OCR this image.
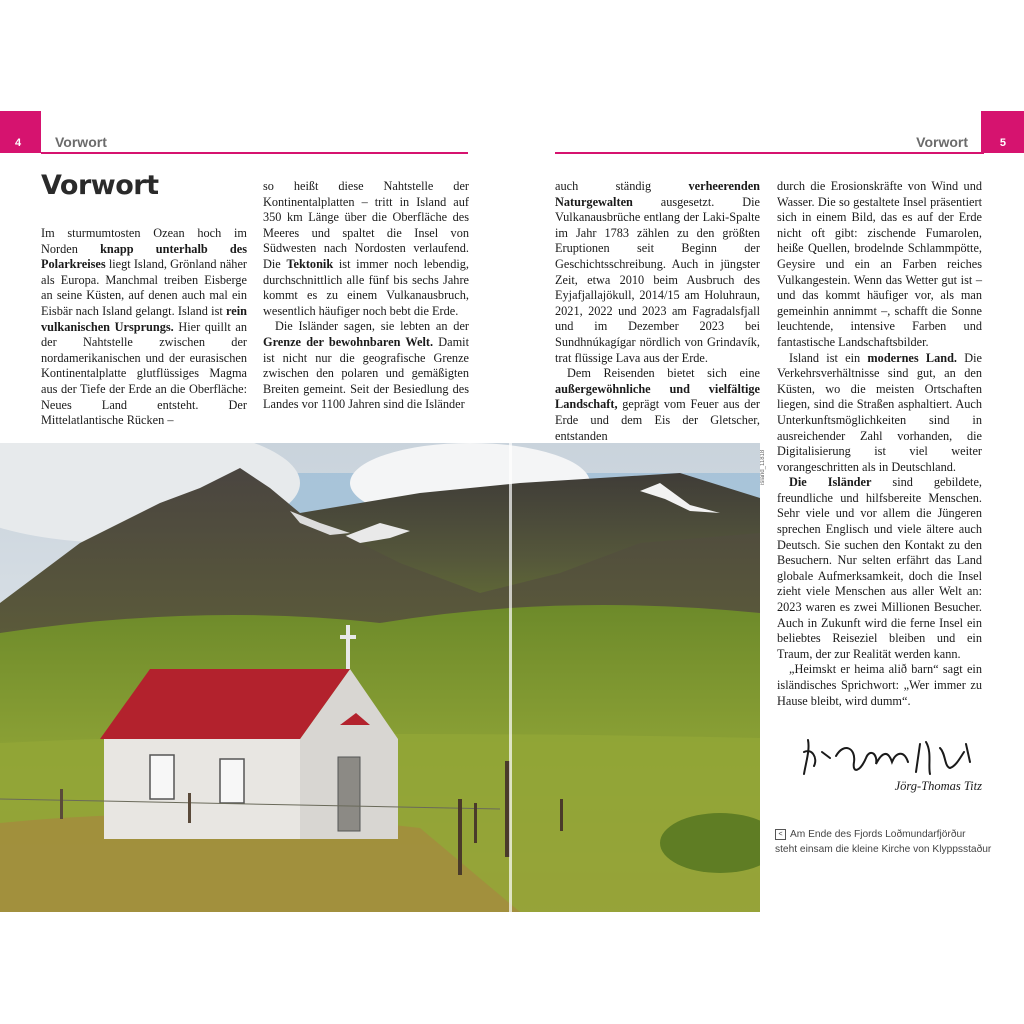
4	5
Vorwort	Vorwort
Vorwort

Im sturmumtosten Ozean hoch im Norden knapp unterhalb des Polarkreises liegt Island, Grönland näher als Europa. Manchmal treiben Eisberge an seine Küsten, auf denen auch mal ein Eisbär nach Island gelangt. Island ist rein vulkanischen Ursprungs. Hier quillt an der Nahtstelle zwischen der nordamerikanischen und der eurasischen Kontinentalplatte glutflüssiges Magma aus der Tiefe der Erde an die Oberfläche: Neues Land entsteht. Der Mittelatlantische Rücken –

so heißt diese Nahtstelle der Kontinentalplatten – tritt in Island auf 350 km Länge über die Oberfläche des Meeres und spaltet die Insel von Südwesten nach Nordosten verlaufend. Die Tektonik ist immer noch lebendig, durchschnittlich alle fünf bis sechs Jahre kommt es zu einem Vulkanausbruch, wesentlich häufiger noch bebt die Erde.

Die Isländer sagen, sie lebten an der Grenze der bewohnbaren Welt. Damit ist nicht nur die geografische Grenze zwischen den polaren und gemäßigten Breiten gemeint. Seit der Besiedlung des Landes vor 1100 Jahren sind die Isländer

auch ständig verheerenden Naturgewalten ausgesetzt. Die Vulkanausbrüche entlang der Laki-Spalte im Jahr 1783 zählen zu den größten Eruptionen seit Beginn der Geschichtsschreibung. Auch in jüngster Zeit, etwa 2010 beim Ausbruch des Eyjafjallajökull, 2014/15 am Holuhraun, 2021, 2022 und 2023 am Fagradalsfjall und im Dezember 2023 bei Sundhnúkagígar nördlich von Grindavík, trat flüssige Lava aus der Erde.

Dem Reisenden bietet sich eine außergewöhnliche und vielfältige Landschaft, geprägt vom Feuer aus der Erde und dem Eis der Gletscher, entstanden

durch die Erosionskräfte von Wind und Wasser. Die so gestaltete Insel präsentiert sich in einem Bild, das es auf der Erde nicht oft gibt: zischende Fumarolen, heiße Quellen, brodelnde Schlammpötte, Geysire und ein an Farben reiches Vulkangestein. Wenn das Wetter gut ist – und das kommt häufiger vor, als man gemeinhin annimmt –, schafft die Sonne leuchtende, intensive Farben und fantastische Landschaftsbilder.

Island ist ein modernes Land. Die Verkehrsverhältnisse sind gut, an den Küsten, wo die meisten Ortschaften liegen, sind die Straßen asphaltiert. Auch Unterkunftsmöglichkeiten sind in ausreichender Zahl vorhanden, die Digitalisierung ist viel weiter vorangeschritten als in Deutschland.

Die Isländer sind gebildete, freundliche und hilfsbereite Menschen. Sehr viele und vor allem die Jüngeren sprechen Englisch und viele ältere auch Deutsch. Sie suchen den Kontakt zu den Besuchern. Nur selten erfährt das Land globale Aufmerksamkeit, doch die Insel zieht viele Menschen aus aller Welt an: 2023 waren es zwei Millionen Besucher. Auch in Zukunft wird die ferne Insel ein beliebtes Reiseziel bleiben und ein Traum, der zur Realität werden kann.

„Heimskt er heima alið barn“ sagt ein isländisches Sprichwort: „Wer immer zu Hause bleibt, wird dumm“.

island_11818
Jörg-Thomas Titz
< Am Ende des Fjords Loðmundarfjörður
steht einsam die kleine Kirche von Klyppsstaður
